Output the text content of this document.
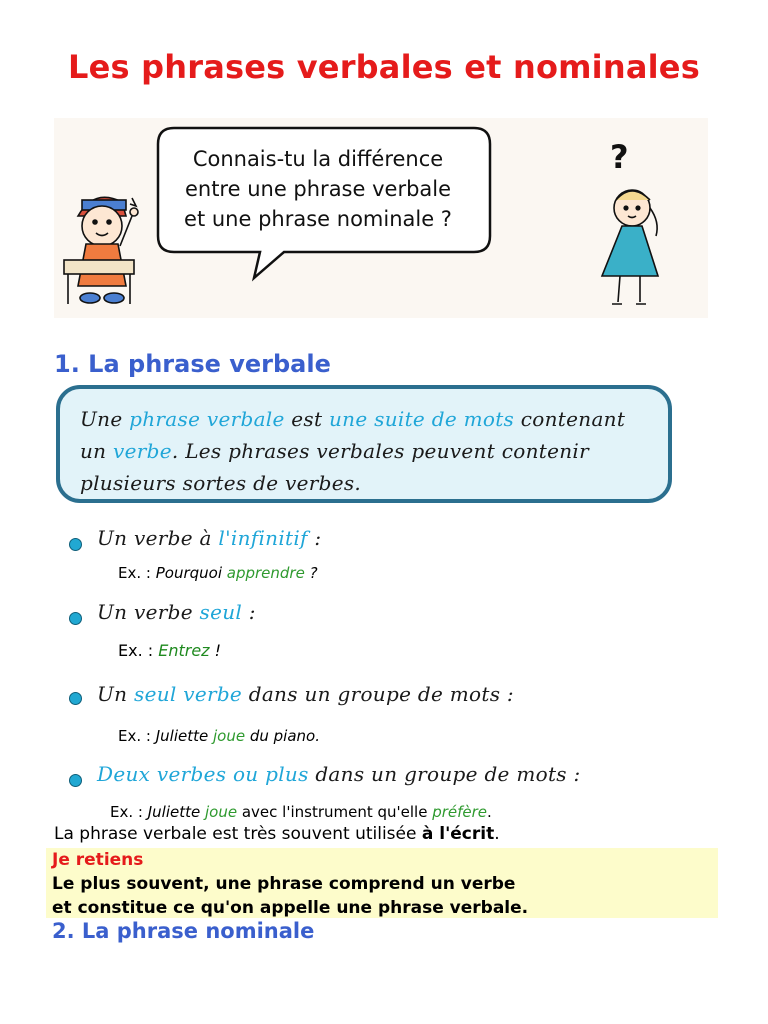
Les phrases verbales et nominales
Connais-tu la différence
entre une phrase verbale
et une phrase nominale ?
?
1. La phrase verbale
Une phrase verbale est une suite de mots contenant
un verbe. Les phrases verbales peuvent contenir
plusieurs sortes de verbes.
Un verbe à l'infinitif :
Ex. : Pourquoi apprendre ?
Un verbe seul :
Ex. : Entrez !
Un seul verbe dans un groupe de mots :
Ex. : Juliette joue du piano.
Deux verbes ou plus dans un groupe de mots :
Ex. : Juliette joue avec l'instrument qu'elle préfère.
La phrase verbale est très souvent utilisée à l'écrit.
Je retiens
Le plus souvent, une phrase comprend un verbe
et constitue ce qu'on appelle une phrase verbale.
2. La phrase nominale
